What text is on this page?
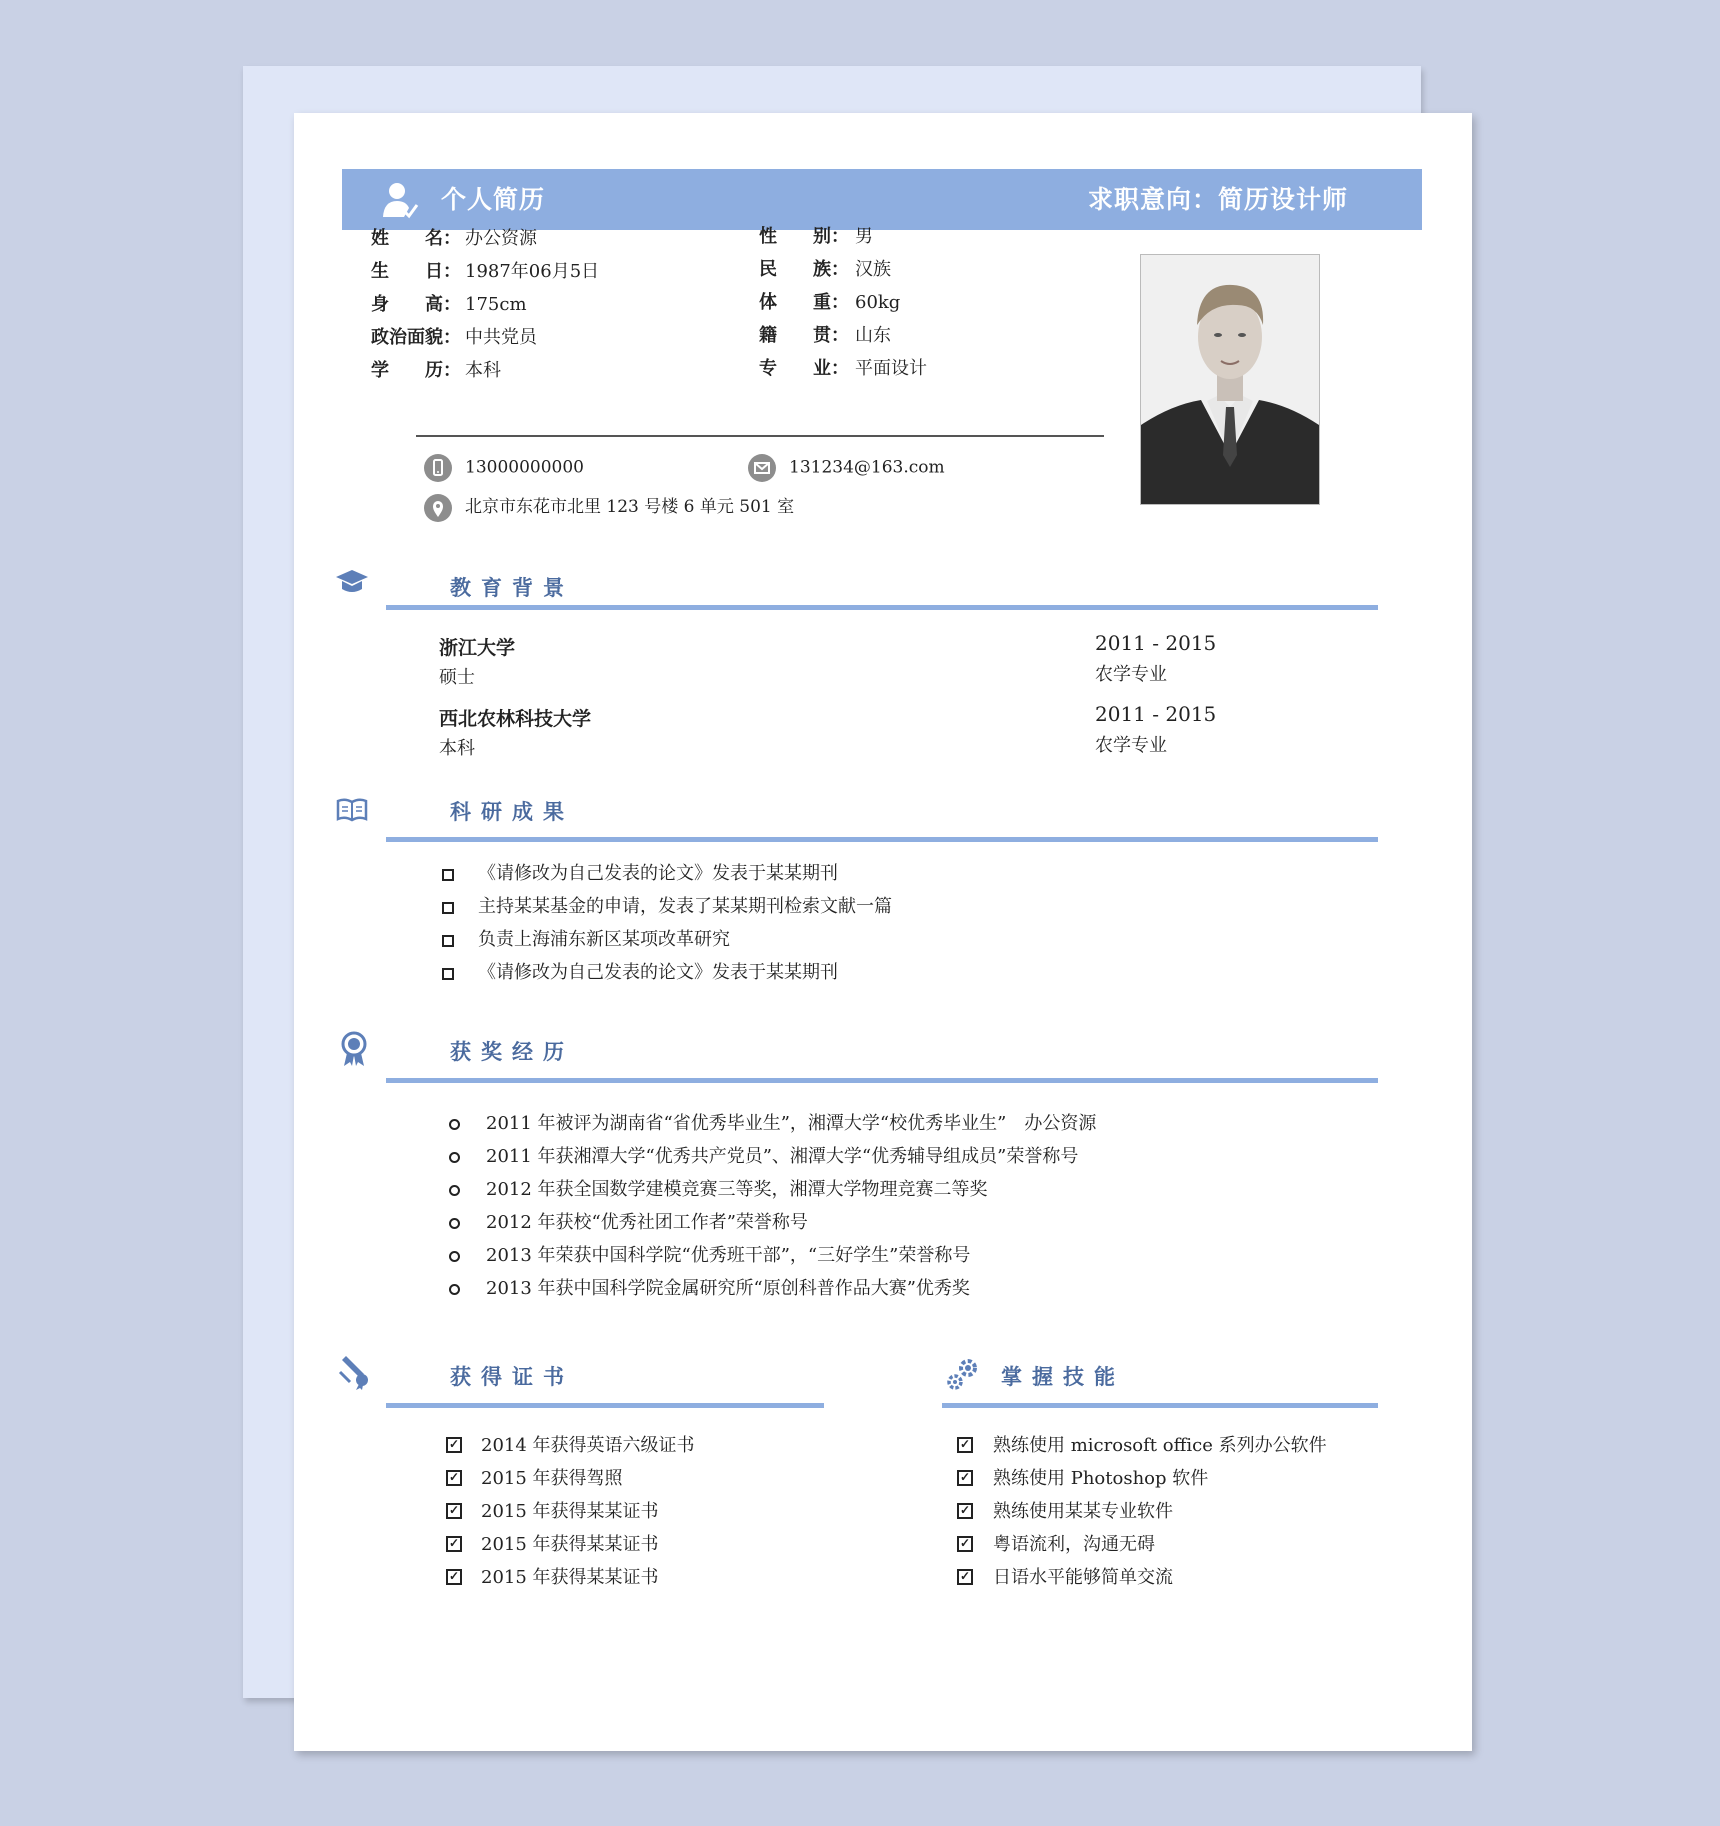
个人简历	求职意向：简历设计师
姓　　名： 办公资源
生　　日： 1987年06月5日
身　　高： 175cm
政治面貌： 中共党员
学　　历： 本科
性　　别： 男
民　　族： 汉族
体　　重： 60kg
籍　　贯： 山东
专　　业： 平面设计
13000000000	131234@163.com
北京市东花市北里 123 号楼 6 单元 501 室
教育背景
浙江大学
硕士
2011 - 2015
农学专业
西北农林科技大学
本科
2011 - 2015
农学专业
科研成果
《请修改为自己发表的论文》发表于某某期刊
主持某某基金的申请，发表了某某期刊检索文献一篇
负责上海浦东新区某项改革研究
《请修改为自己发表的论文》发表于某某期刊
获奖经历
2011 年被评为湖南省“省优秀毕业生”，湘潭大学“校优秀毕业生”　办公资源
2011 年获湘潭大学“优秀共产党员”、湘潭大学“优秀辅导组成员”荣誉称号
2012 年获全国数学建模竞赛三等奖，湘潭大学物理竞赛二等奖
2012 年获校“优秀社团工作者”荣誉称号
2013 年荣获中国科学院“优秀班干部”，“三好学生”荣誉称号
2013 年获中国科学院金属研究所“原创科普作品大赛”优秀奖
获得证书
✓ 2014 年获得英语六级证书
✓ 2015 年获得驾照
✓ 2015 年获得某某证书
✓ 2015 年获得某某证书
✓ 2015 年获得某某证书
掌握技能
✓ 熟练使用 microsoft office 系列办公软件
✓ 熟练使用 Photoshop 软件
✓ 熟练使用某某专业软件
✓ 粤语流利，沟通无碍
✓ 日语水平能够简单交流
